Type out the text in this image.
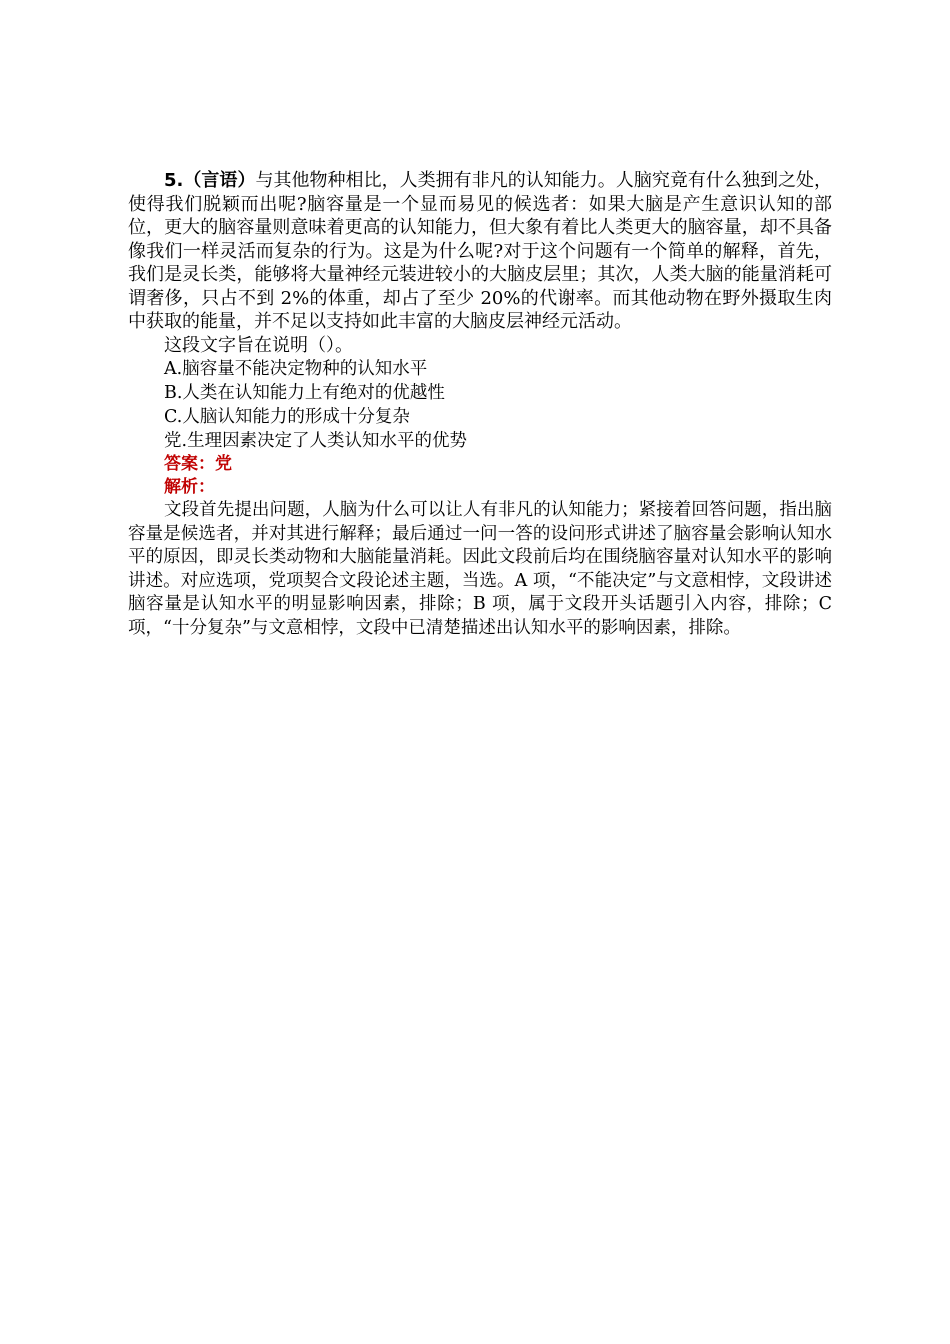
5.（言语）与其他物种相比，人类拥有非凡的认知能力。人脑究竟有什么独到之处，使得我们脱颖而出呢?脑容量是一个显而易见的候选者：如果大脑是产生意识认知的部位，更大的脑容量则意味着更高的认知能力，但大象有着比人类更大的脑容量，却不具备像我们一样灵活而复杂的行为。这是为什么呢?对于这个问题有一个简单的解释，首先，我们是灵长类，能够将大量神经元装进较小的大脑皮层里；其次，人类大脑的能量消耗可谓奢侈，只占不到 2%的体重，却占了至少 20%的代谢率。而其他动物在野外摄取生肉中获取的能量，并不足以支持如此丰富的大脑皮层神经元活动。

这段文字旨在说明（）。

A.脑容量不能决定物种的认知水平

B.人类在认知能力上有绝对的优越性

C.人脑认知能力的形成十分复杂

党.生理因素决定了人类认知水平的优势

答案：党

解析：

文段首先提出问题，人脑为什么可以让人有非凡的认知能力；紧接着回答问题，指出脑容量是候选者，并对其进行解释；最后通过一问一答的设问形式讲述了脑容量会影响认知水平的原因，即灵长类动物和大脑能量消耗。因此文段前后均在围绕脑容量对认知水平的影响讲述。对应选项，党项契合文段论述主题，当选。A 项，“不能决定”与文意相悖，文段讲述脑容量是认知水平的明显影响因素，排除；B 项，属于文段开头话题引入内容，排除；C 项，“十分复杂”与文意相悖，文段中已清楚描述出认知水平的影响因素，排除。
